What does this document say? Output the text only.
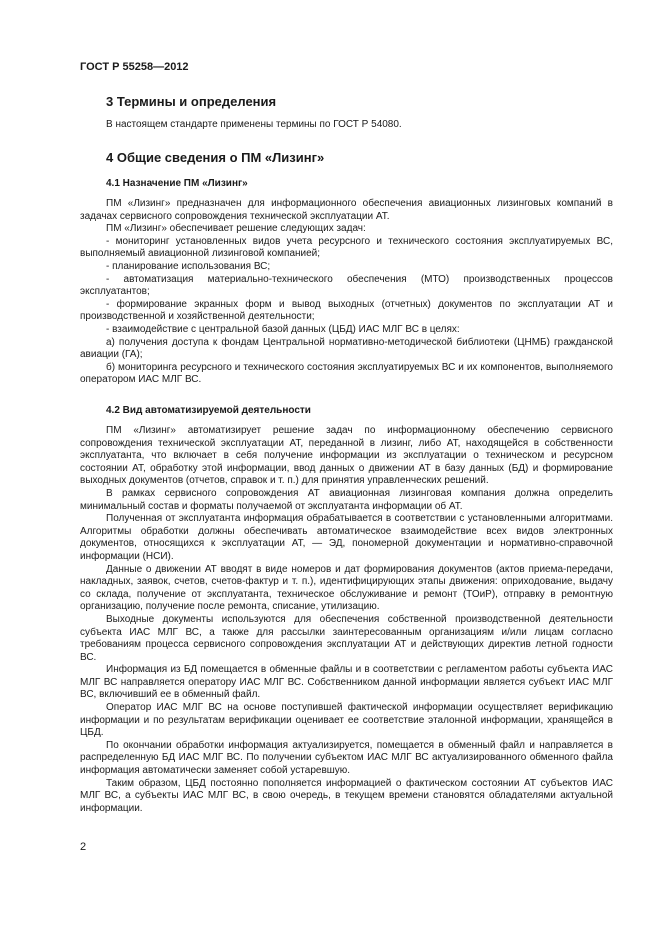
ГОСТ Р 55258—2012
3 Термины и определения

В настоящем стандарте применены термины по ГОСТ Р 54080.

4 Общие сведения о ПМ «Лизинг»
4.1 Назначение ПМ «Лизинг»

ПМ «Лизинг» предназначен для информационного обеспечения авиационных лизинговых компаний в задачах сервисного сопровождения технической эксплуатации АТ.

ПМ «Лизинг» обеспечивает решение следующих задач:

- мониторинг установленных видов учета ресурсного и технического состояния эксплуатируемых ВС, выполняемый авиационной лизинговой компанией;

- планирование использования ВС;

- автоматизация материально-технического обеспечения (МТО) производственных процессов эксплуатантов;

- формирование экранных форм и вывод выходных (отчетных) документов по эксплуатации АТ и производственной и хозяйственной деятельности;

- взаимодействие с центральной базой данных (ЦБД) ИАС МЛГ ВС в целях:

а) получения доступа к фондам Центральной нормативно-методической библиотеки (ЦНМБ) гражданской авиации (ГА);

б) мониторинга ресурсного и технического состояния эксплуатируемых ВС и их компонентов, выполняемого оператором ИАС МЛГ ВС.

4.2 Вид автоматизируемой деятельности

ПМ «Лизинг» автоматизирует решение задач по информационному обеспечению сервисного сопровождения технической эксплуатации АТ, переданной в лизинг, либо АТ, находящейся в собственности эксплуатанта, что включает в себя получение информации из эксплуатации о техническом и ресурсном состоянии АТ, обработку этой информации, ввод данных о движении АТ в базу данных (БД) и формирование выходных документов (отчетов, справок и т. п.) для принятия управленческих решений.

В рамках сервисного сопровождения АТ авиационная лизинговая компания должна определить минимальный состав и форматы получаемой от эксплуатанта информации об АТ.

Полученная от эксплуатанта информация обрабатывается в соответствии с установленными алгоритмами. Алгоритмы обработки должны обеспечивать автоматическое взаимодействие всех видов электронных документов, относящихся к эксплуатации АТ, — ЭД, пономерной документации и нормативно-справочной информации (НСИ).

Данные о движении АТ вводят в виде номеров и дат формирования документов (актов приема-передачи, накладных, заявок, счетов, счетов-фактур и т. п.), идентифицирующих этапы движения: оприходование, выдачу со склада, получение от эксплуатанта, техническое обслуживание и ремонт (ТОиР), отправку в ремонтную организацию, получение после ремонта, списание, утилизацию.

Выходные документы используются для обеспечения собственной производственной деятельности субъекта ИАС МЛГ ВС, а также для рассылки заинтересованным организациям и/или лицам согласно требованиям процесса сервисного сопровождения эксплуатации АТ и действующих директив летной годности ВС.

Информация из БД помещается в обменные файлы и в соответствии с регламентом работы субъекта ИАС МЛГ ВС направляется оператору ИАС МЛГ ВС. Собственником данной информации является субъект ИАС МЛГ ВС, включивший ее в обменный файл.

Оператор ИАС МЛГ ВС на основе поступившей фактической информации осуществляет верификацию информации и по результатам верификации оценивает ее соответствие эталонной информации, хранящейся в ЦБД.

По окончании обработки информация актуализируется, помещается в обменный файл и направляется в распределенную БД ИАС МЛГ ВС. По получении субъектом ИАС МЛГ ВС актуализированного обменного файла информация автоматически заменяет собой устаревшую.

Таким образом, ЦБД постоянно пополняется информацией о фактическом состоянии АТ субъектов ИАС МЛГ ВС, а субъекты ИАС МЛГ ВС, в свою очередь, в текущем времени становятся обладателями актуальной информации.

2
